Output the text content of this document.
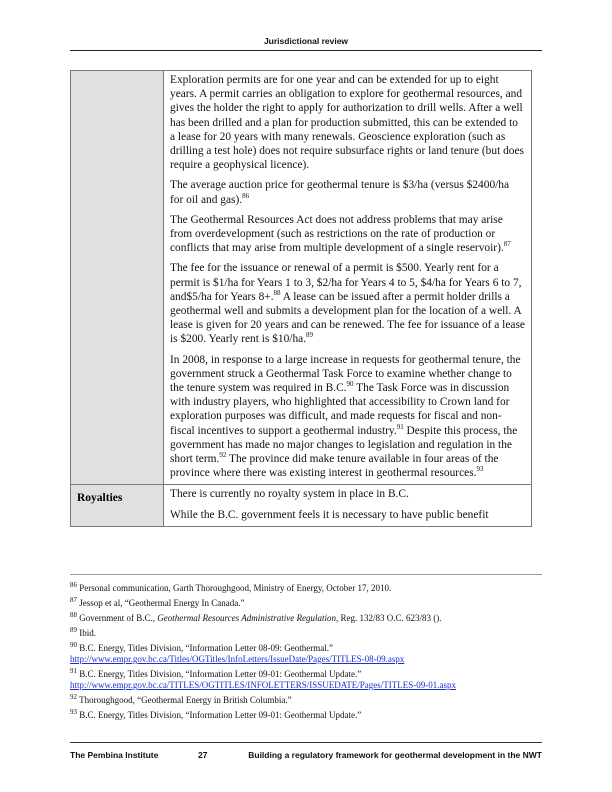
Jurisdictional review

	Exploration permits are for one year and can be extended for up to eight years. A permit carries an obligation to explore for geothermal resources, and gives the holder the right to apply for authorization to drill wells. After a well has been drilled and a plan for production submitted, this can be extended to a lease for 20 years with many renewals. Geoscience exploration (such as drilling a test hole) does not require subsurface rights or land tenure (but does require a geophysical licence).

The average auction price for geothermal tenure is $3/ha (versus $2400/ha for oil and gas).$^{86}$

The Geothermal Resources Act does not address problems that may arise from overdevelopment (such as restrictions on the rate of production or conflicts that may arise from multiple development of a single reservoir).$^{87}$

The fee for the issuance or renewal of a permit is $500. Yearly rent for a permit is $1/ha for Years 1 to 3, $2/ha for Years 4 to 5, $4/ha for Years 6 to 7, and$5/ha for Years 8+.$^{88}$ A lease can be issued after a permit holder drills a geothermal well and submits a development plan for the location of a well. A lease is given for 20 years and can be renewed. The fee for issuance of a lease is $200. Yearly rent is $10/ha.$^{89}$

In 2008, in response to a large increase in requests for geothermal tenure, the government struck a Geothermal Task Force to examine whether change to the tenure system was required in B.C.$^{90}$ The Task Force was in discussion with industry players, who highlighted that accessibility to Crown land for exploration purposes was difficult, and made requests for fiscal and non-fiscal incentives to support a geothermal industry.$^{91}$ Despite this process, the government has made no major changes to legislation and regulation in the short term.$^{92}$ The province did make tenure available in four areas of the province where there was existing interest in geothermal resources.$^{93}$

Royalties	There is currently no royalty system in place in B.C.

While the B.C. government feels it is necessary to have public benefit

$^{86}$ Personal communication, Garth Thoroughgood, Ministry of Energy, October 17, 2010.

$^{87}$ Jessop et al, “Geothermal Energy In Canada.”

$^{88}$ Government of B.C., Geothermal Resources Administrative Regulation, Reg. 132/83 O.C. 623/83 ().

$^{89}$ Ibid.

$^{90}$ B.C. Energy, Titles Division, “Information Letter 08-09: Geothermal.”
http://www.empr.gov.bc.ca/Titles/OGTitles/InfoLetters/IssueDate/Pages/TITLES-08-09.aspx

$^{91}$ B.C. Energy, Titles Division, “Information Letter 09-01: Geothermal Update.”
http://www.empr.gov.bc.ca/TITLES/OGTITLES/INFOLETTERS/ISSUEDATE/Pages/TITLES-09-01.aspx

$^{92}$ Thoroughgood, “Geothermal Energy in British Columbia.”

$^{93}$ B.C. Energy, Titles Division, “Information Letter 09-01: Geothermal Update.”

The Pembina Institute	27	Building a regulatory framework for geothermal development in the NWT
